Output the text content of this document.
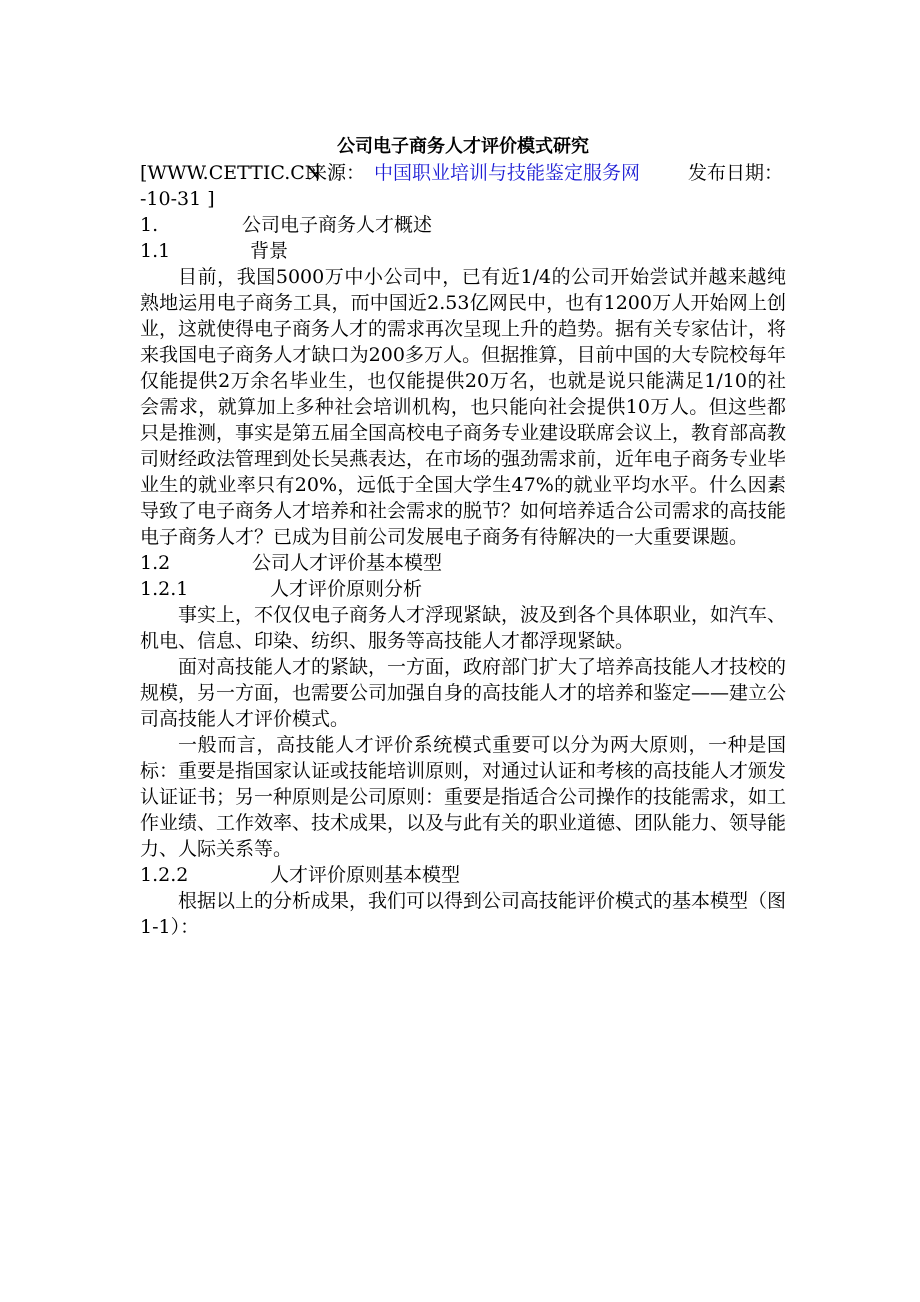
公司电子商务人才评价模式研究
[WWW.CETTIC.CN
来源： 中国职业培训与技能鉴定服务网	发布日期：
-10-31 ]
1.	公司电子商务人才概述
1.1	背景

目前，我国5000万中小公司中，已有近1/4的公司开始尝试并越来越纯熟地运用电子商务工具，而中国近2.53亿网民中，也有1200万人开始网上创业，这就使得电子商务人才的需求再次呈现上升的趋势。据有关专家估计，将来我国电子商务人才缺口为200多万人。但据推算，目前中国的大专院校每年仅能提供2万余名毕业生，也仅能提供20万名，也就是说只能满足1/10的社会需求，就算加上多种社会培训机构，也只能向社会提供10万人。但这些都只是推测，事实是第五届全国高校电子商务专业建设联席会议上，教育部高教司财经政法管理到处长吴燕表达，在市场的强劲需求前，近年电子商务专业毕业生的就业率只有20%，远低于全国大学生47%的就业平均水平。什么因素导致了电子商务人才培养和社会需求的脱节？如何培养适合公司需求的高技能电子商务人才？已成为目前公司发展电子商务有待解决的一大重要课题。

1.2	公司人才评价基本模型
1.2.1	人才评价原则分析

事实上，不仅仅电子商务人才浮现紧缺，波及到各个具体职业，如汽车、机电、信息、印染、纺织、服务等高技能人才都浮现紧缺。

面对高技能人才的紧缺，一方面，政府部门扩大了培养高技能人才技校的规模，另一方面，也需要公司加强自身的高技能人才的培养和鉴定——建立公司高技能人才评价模式。

一般而言，高技能人才评价系统模式重要可以分为两大原则，一种是国标：重要是指国家认证或技能培训原则，对通过认证和考核的高技能人才颁发认证证书；另一种原则是公司原则：重要是指适合公司操作的技能需求，如工作业绩、工作效率、技术成果，以及与此有关的职业道德、团队能力、领导能力、人际关系等。

1.2.2	人才评价原则基本模型

根据以上的分析成果，我们可以得到公司高技能评价模式的基本模型（图1-1）：
